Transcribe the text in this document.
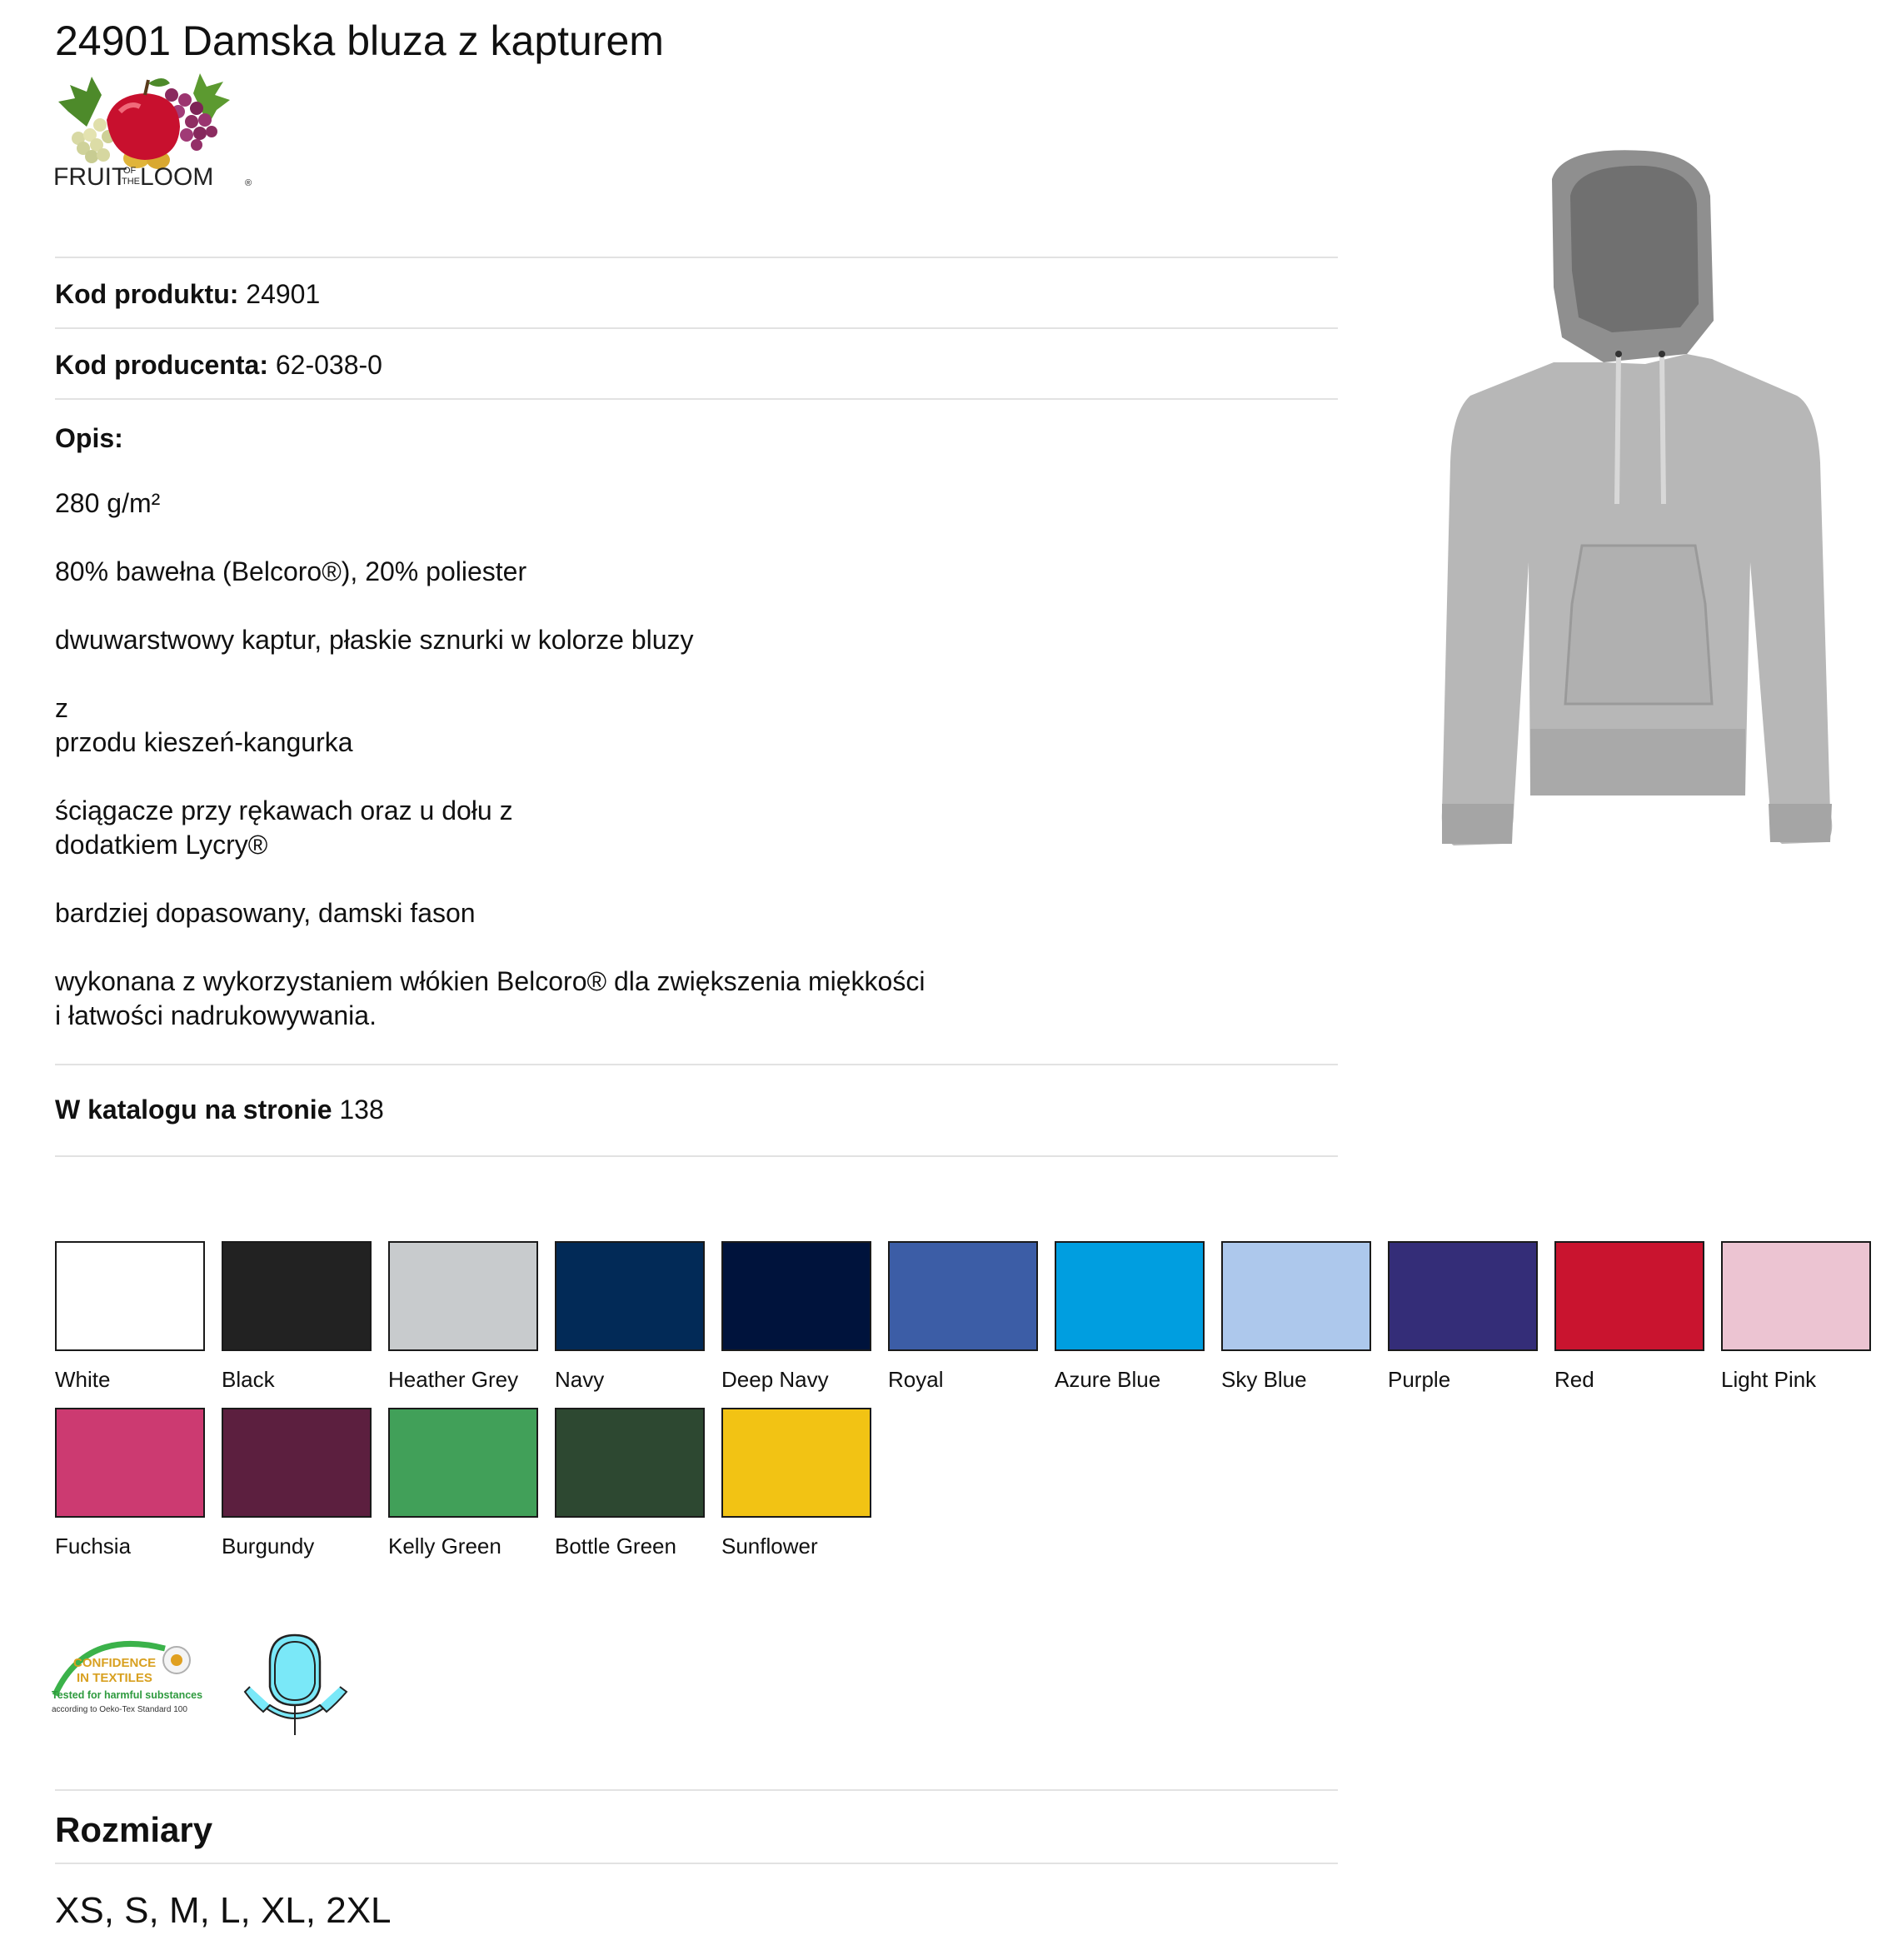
24901 Damska bluza z kapturem
FRUIT
OF
THE LOOM	®
Kod produktu: 24901
Kod producenta: 62-038-0
Opis:

280 g/m²

80% bawełna (Belcoro®), 20% poliester

dwuwarstwowy kaptur, płaskie sznurki w kolorze bluzy

z
przodu kieszeń-kangurka

ściągacze przy rękawach oraz u dołu z
dodatkiem Lycry®

bardziej dopasowany, damski fason

wykonana z wykorzystaniem włókien Belcoro® dla zwiększenia miękkości
i łatwości nadrukowywania.

W katalogu na stronie 138
White	Black	Heather Grey	Navy	Deep Navy	Royal	Azure Blue	Sky Blue	Purple	Red	Light Pink
Fuchsia	Burgundy	Kelly Green	Bottle Green	Sunflower
CONFIDENCE
IN TEXTILES
Tested for harmful substances
according to Oeko-Tex Standard 100
Rozmiary
XS, S, M, L, XL, 2XL
